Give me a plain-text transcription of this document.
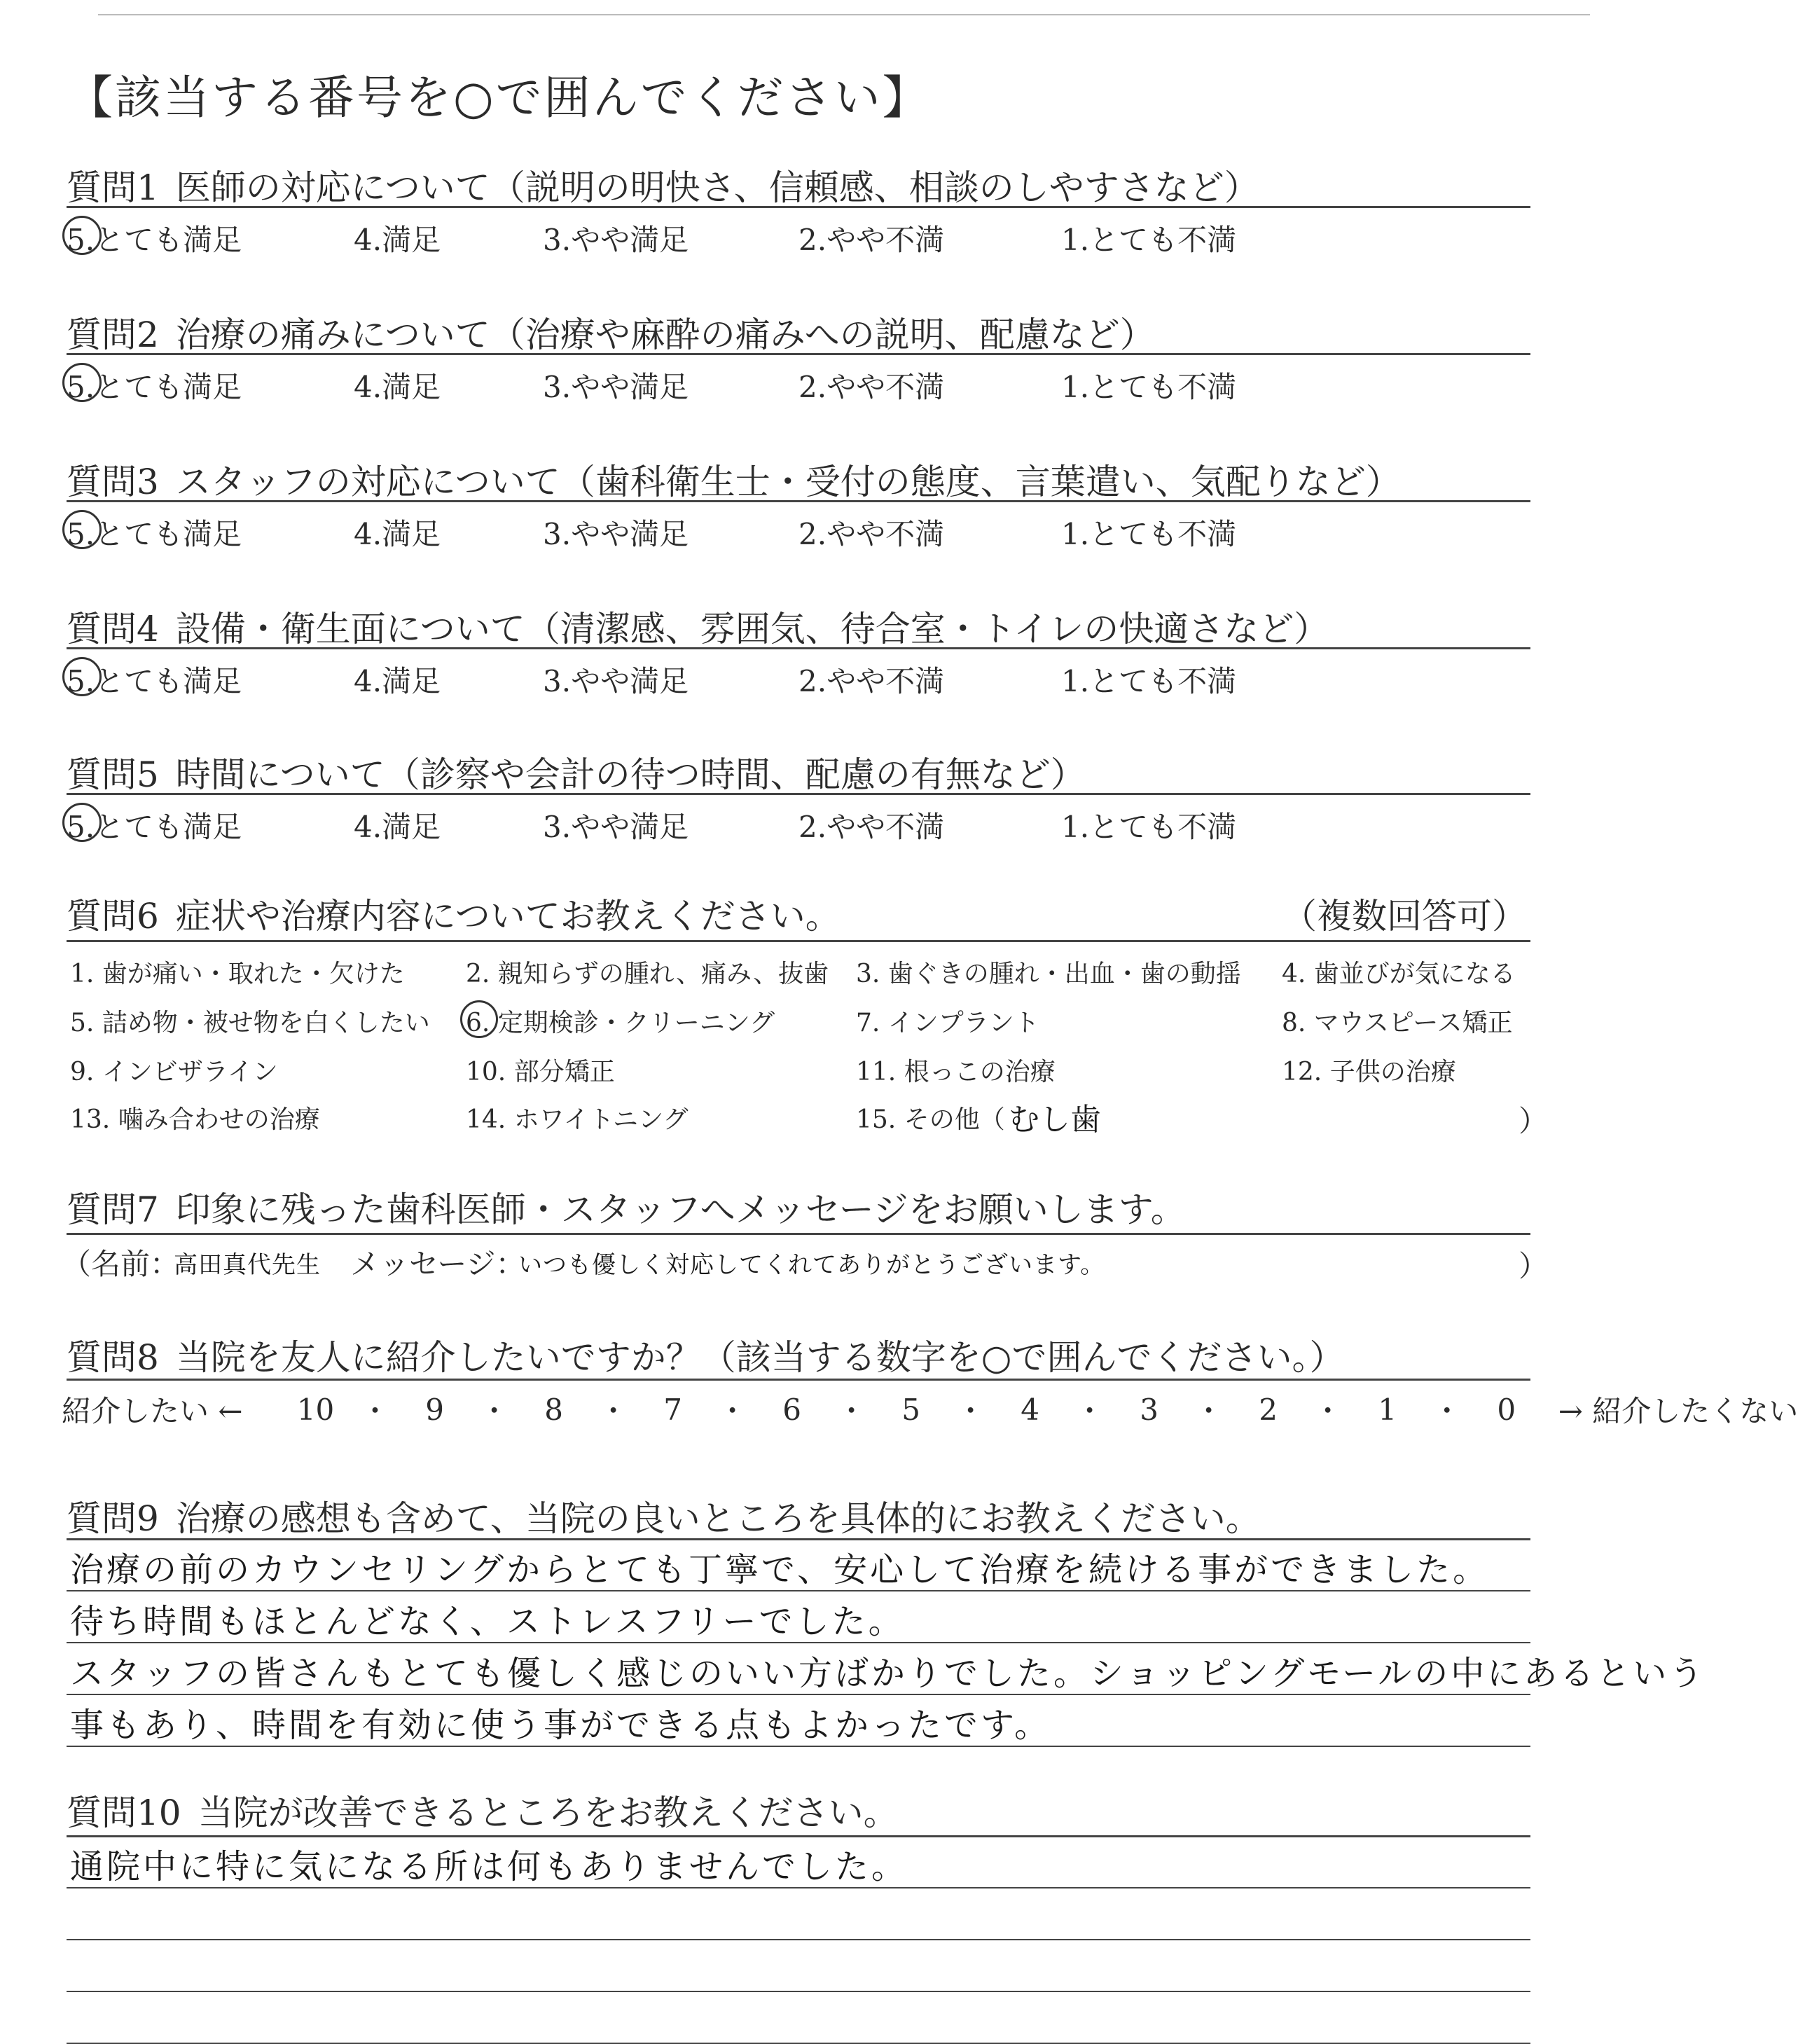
【該当する番号を○で囲んでください】
質問1 医師の対応について（説明の明快さ、信頼感、相談のしやすさなど）
5.とても満足	4.満足	3.やや満足	2.やや不満	1.とても不満
質問2 治療の痛みについて（治療や麻酔の痛みへの説明、配慮など）
5.とても満足	4.満足	3.やや満足	2.やや不満	1.とても不満
質問3 スタッフの対応について（歯科衛生士・受付の態度、言葉遣い、気配りなど）
5.とても満足	4.満足	3.やや満足	2.やや不満	1.とても不満
質問4 設備・衛生面について（清潔感、雰囲気、待合室・トイレの快適さなど）
5.とても満足	4.満足	3.やや満足	2.やや不満	1.とても不満
質問5 時間について（診察や会計の待つ時間、配慮の有無など）
5.とても満足	4.満足	3.やや満足	2.やや不満	1.とても不満
質問6 症状や治療内容についてお教えください。	（複数回答可）
1. 歯が痛い・取れた・欠けた 2. 親知らずの腫れ、痛み、抜歯 3. 歯ぐきの腫れ・出血・歯の動揺 4. 歯並びが気になる
5. 詰め物・被せ物を白くしたい 6. 定期検診・クリーニング	7. インプラント	8. マウスピース矯正
9. インビザライン	10. 部分矯正	11. 根っこの治療	12. 子供の治療
13. 噛み合わせの治療	14. ホワイトニング	15. その他（ むし歯	）
質問7 印象に残った歯科医師・スタッフへメッセージをお願いします。
（名前：
高田真代先生 メッセージ：
いつも優しく対応してくれてありがとうございます。	）
質問8 当院を友人に紹介したいですか？（該当する数字を○で囲んでください。）
紹介したい ←	10 ・	9	・	8	・	7	・	6	・	5	・	4	・	3	・	2	・	1	・	0	→ 紹介したくない
質問9 治療の感想も含めて、当院の良いところを具体的にお教えください。
治療の前のカウンセリングからとても丁寧で、安心して治療を続ける事ができました。
待ち時間もほとんどなく、ストレスフリーでした。
スタッフの皆さんもとても優しく感じのいい方ばかりでした。ショッピングモールの中にあるという
事もあり、時間を有効に使う事ができる点もよかったです。
質問10 当院が改善できるところをお教えください。
通院中に特に気になる所は何もありませんでした。
